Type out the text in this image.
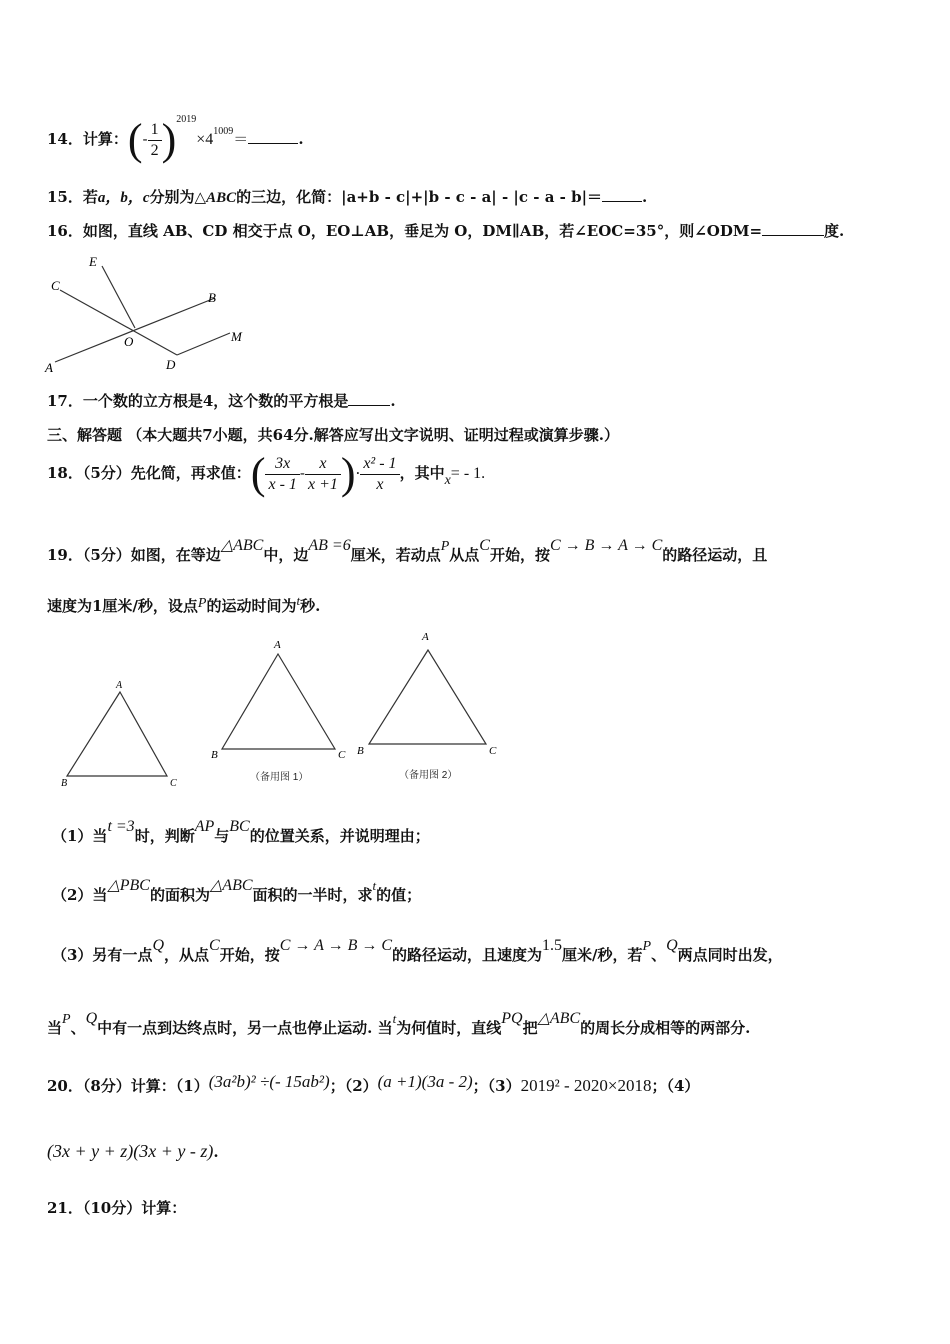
14．计算：(- $\frac{1}{2} )^{2019}\times 4^{1009}=$	.
15．若a，b，c分别为△ABC的三边，化简：|a+b - c|+|b - c - a| - |c - a - b|＝	.
16．如图，直线 AB、CD 相交于点 O，EO⊥AB，垂足为 O，DM∥AB，若∠EOC=35°，则∠ODM=	度.
E
C
B
O	M
D
A
17．一个数的立方根是4，这个数的平方根是	.
三、解答题 （本大题共7小题，共64分.解答应写出文字说明、证明过程或演算步骤.）
18．（5分）先化简，再求值：( $\frac{3x}{x - 1} - \frac{x}{x +1}$ )· $\frac{\text{x² - 1}}{x}$ ，其中x= - 1.
19．（5分）如图，在等边△ABC中，边AB =6厘米，若动点P从点C开始，按C → B → A → C的路径运动，且
速度为1厘米/秒，设点P的运动时间为t秒.
A
B	C
A
B	C
（备用图 1）
A
B	C
（备用图 2）
（1）当t =3时，判断AP与BC的位置关系，并说明理由；
（2）当△PBC的面积为△ABC面积的一半时，求t的值；
（3）另有一点Q，从点C开始，按C → A → B → C的路径运动，且速度为1.5厘米/秒，若P、Q两点同时出发，
当P、Q中有一点到达终点时，另一点也停止运动. 当t为何值时，直线PQ把△ABC的周长分成相等的两部分.
20．（8分）计算：（1）(3a²b)² ÷(- 15ab²)；（2）(a +1)(3a - 2)；（3）2019² - 2020×2018；（4）
(3x + y + z)(3x + y - z).
21．（10分）计算：
